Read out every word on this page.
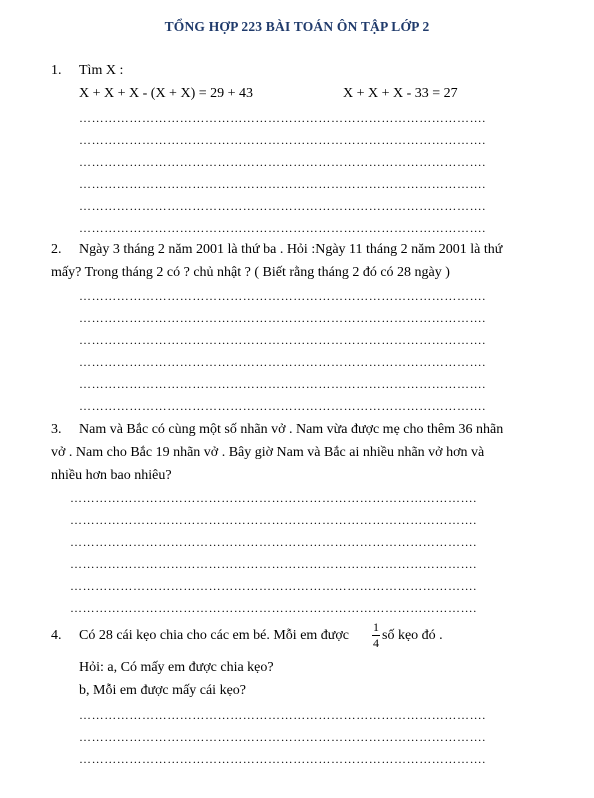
TỔNG HỢP 223 BÀI TOÁN ÔN TẬP LỚP 2
1. Tìm X :
X + X + X - (X + X) = 29 + 43	X + X + X - 33 = 27
…………………………………………………………………………………….
…………………………………………………………………………………….
…………………………………………………………………………………….
…………………………………………………………………………………….
…………………………………………………………………………………….
…………………………………………………………………………………….
2. Ngày 3 tháng 2 năm 2001 là thứ ba . Hỏi :Ngày 11 tháng 2 năm 2001 là thứ
mấy? Trong tháng 2 có ? chủ nhật ? ( Biết rằng tháng 2 đó có 28 ngày )
…………………………………………………………………………………….
…………………………………………………………………………………….
…………………………………………………………………………………….
…………………………………………………………………………………….
…………………………………………………………………………………….
…………………………………………………………………………………….
3. Nam và Bắc có cùng một số nhãn vở . Nam vừa được mẹ cho thêm 36 nhãn
vở . Nam cho Bắc 19 nhãn vở . Bây giờ Nam và Bắc ai nhiều nhãn vở hơn và
nhiều hơn bao nhiêu?
…………………………………………………………………………………….
…………………………………………………………………………………….
…………………………………………………………………………………….
…………………………………………………………………………………….
…………………………………………………………………………………….
…………………………………………………………………………………….
4. Có 28 cái kẹo chia cho các em bé. Mỗi em được
1
4 số kẹo đó .
Hỏi: a, Có mấy em được chia kẹo?
b, Mỗi em được mấy cái kẹo?
…………………………………………………………………………………….
…………………………………………………………………………………….
…………………………………………………………………………………….
